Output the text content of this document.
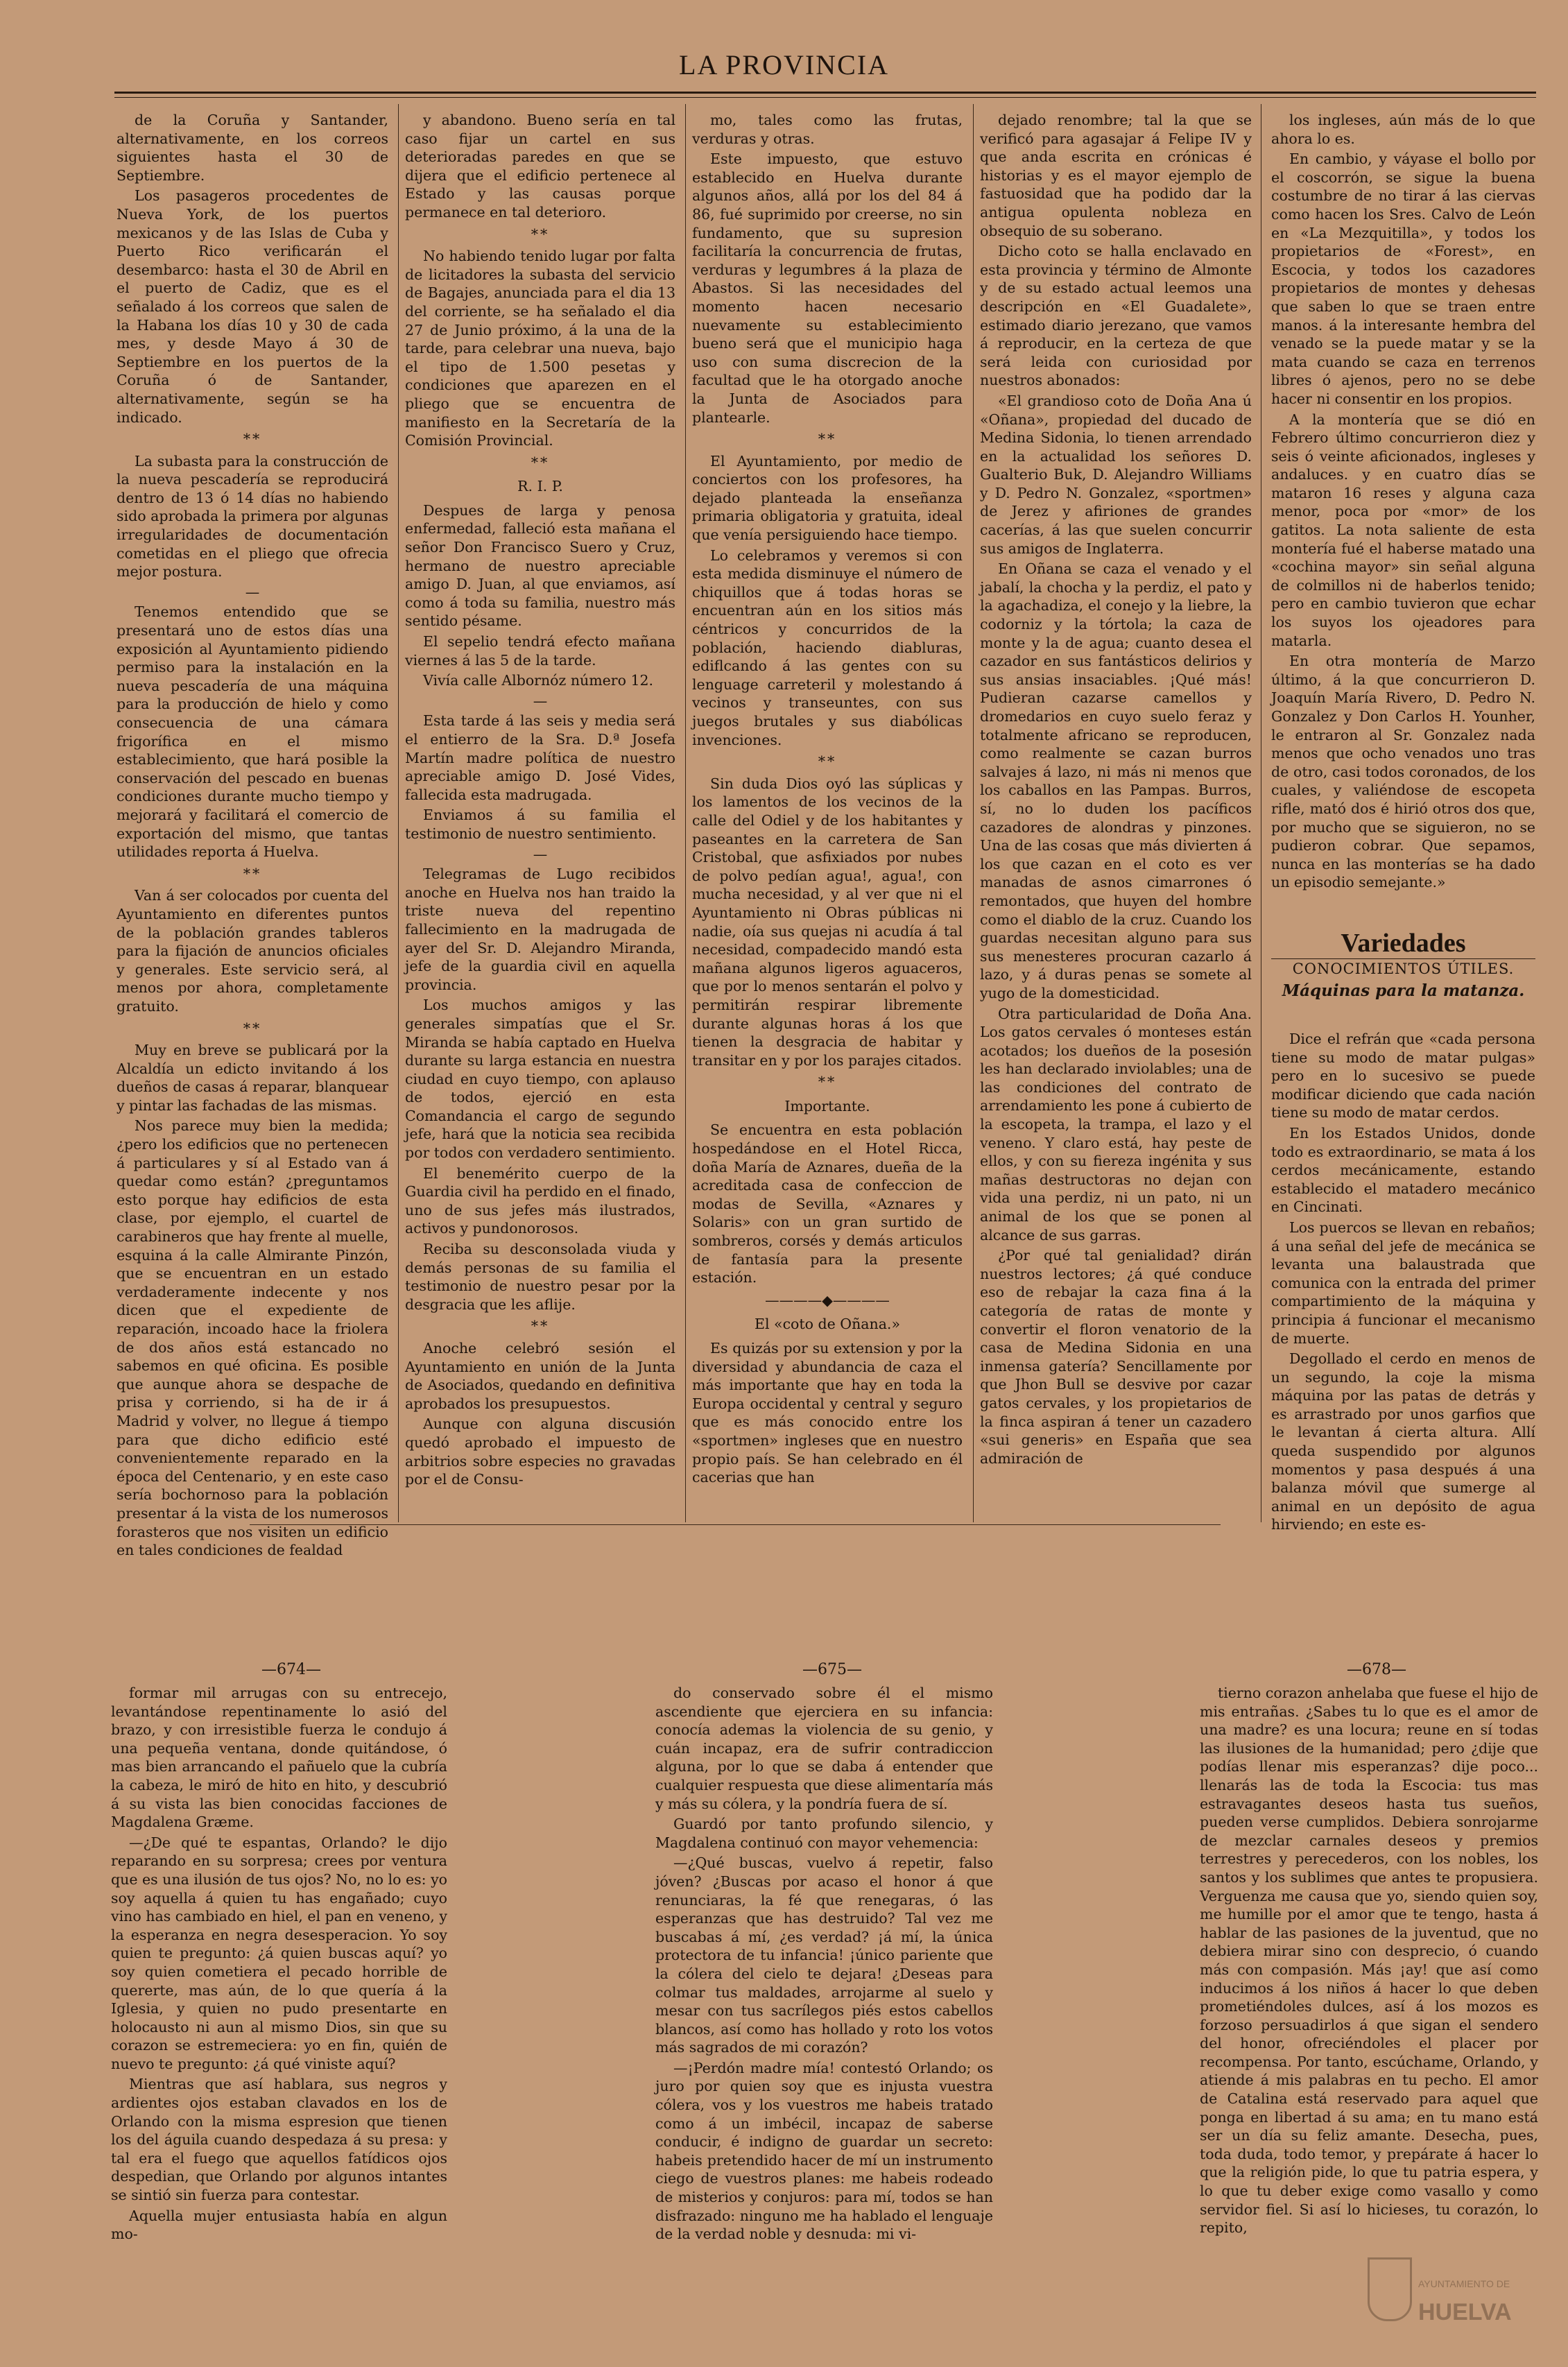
LA PROVINCIA

de la Coruña y Santander, alternativamente, en los correos siguientes hasta el 30 de Septiembre.

Los pasageros procedentes de Nueva York, de los puertos mexicanos y de las Islas de Cuba y Puerto Rico verificarán el desembarco: hasta el 30 de Abril en el puerto de Cadiz, que es el señalado á los correos que salen de la Habana los días 10 y 30 de cada mes, y desde Mayo á 30 de Septiembre en los puertos de la Coruña ó de Santander, alternativamente, según se ha indicado.

**

La subasta para la construcción de la nueva pescadería se reproducirá dentro de 13 ó 14 días no habiendo sido aprobada la primera por algunas irregularidades de documentación cometidas en el pliego que ofrecia mejor postura.

—

Tenemos entendido que se presentará uno de estos días una exposición al Ayuntamiento pidiendo permiso para la instalación en la nueva pescadería de una máquina para la producción de hielo y como consecuencia de una cámara frigorífica en el mismo establecimiento, que hará posible la conservación del pescado en buenas condiciones durante mucho tiempo y mejorará y facilitará el comercio de exportación del mismo, que tantas utilidades reporta á Huelva.

**

Van á ser colocados por cuenta del Ayuntamiento en diferentes puntos de la población grandes tableros para la fijación de anuncios oficiales y generales. Este servicio será, al menos por ahora, completamente gratuito.

**

Muy en breve se publicará por la Alcaldía un edicto invitando á los dueños de casas á reparar, blanquear y pintar las fachadas de las mismas.

Nos parece muy bien la medida; ¿pero los edificios que no pertenecen á particulares y sí al Estado van á quedar como están? ¿preguntamos esto porque hay edificios de esta clase, por ejemplo, el cuartel de carabineros que hay frente al muelle, esquina á la calle Almirante Pinzón, que se encuentran en un estado verdaderamente indecente y nos dicen que el expediente de reparación, incoado hace la friolera de dos años está estancado no sabemos en qué oficina. Es posible que aunque ahora se despache de prisa y corriendo, si ha de ir á Madrid y volver, no llegue á tiempo para que dicho edificio esté convenientemente reparado en la época del Centenario, y en este caso sería bochornoso para la población presentar á la vista de los numerosos forasteros que nos visiten un edificio en tales condiciones de fealdad

y abandono. Bueno sería en tal caso fijar un cartel en sus deterioradas paredes en que se dijera que el edificio pertenece al Estado y las causas porque permanece en tal deterioro.

**

No habiendo tenido lugar por falta de licitadores la subasta del servicio de Bagajes, anunciada para el dia 13 del corriente, se ha señalado el dia 27 de Junio próximo, á la una de la tarde, para celebrar una nueva, bajo el tipo de 1.500 pesetas y condiciones que aparezen en el pliego que se encuentra de manifiesto en la Secretaría de la Comisión Provincial.

**

R. I. P.

Despues de larga y penosa enfermedad, falleció esta mañana el señor Don Francisco Suero y Cruz, hermano de nuestro apreciable amigo D. Juan, al que enviamos, así como á toda su familia, nuestro más sentido pésame.

El sepelio tendrá efecto mañana viernes á las 5 de la tarde.

Vivía calle Albornóz número 12.

—

Esta tarde á las seis y media será el entierro de la Sra. D.ª Josefa Martín madre política de nuestro apreciable amigo D. José Vides, fallecida esta madrugada.

Enviamos á su familia el testimonio de nuestro sentimiento.

—

Telegramas de Lugo recibidos anoche en Huelva nos han traido la triste nueva del repentino fallecimiento en la madrugada de ayer del Sr. D. Alejandro Miranda, jefe de la guardia civil en aquella provincia.

Los muchos amigos y las generales simpatías que el Sr. Miranda se había captado en Huelva durante su larga estancia en nuestra ciudad en cuyo tiempo, con aplauso de todos, ejerció en esta Comandancia el cargo de segundo jefe, hará que la noticia sea recibida por todos con verdadero sentimiento.

El benemérito cuerpo de la Guardia civil ha perdido en el finado, uno de sus jefes más ilustrados, activos y pundonorosos.

Reciba su desconsolada viuda y demás personas de su familia el testimonio de nuestro pesar por la desgracia que les aflije.

**

Anoche celebró sesión el Ayuntamiento en unión de la Junta de Asociados, quedando en definitiva aprobados los presupuestos.

Aunque con alguna discusión quedó aprobado el impuesto de arbitrios sobre especies no gravadas por el de Consu-

mo, tales como las frutas, verduras y otras.

Este impuesto, que estuvo establecido en Huelva durante algunos años, allá por los del 84 á 86, fué suprimido por creerse, no sin fundamento, que su supresion facilitaría la concurrencia de frutas, verduras y legumbres á la plaza de Abastos. Si las necesidades del momento hacen necesario nuevamente su establecimiento bueno será que el municipio haga uso con suma discrecion de la facultad que le ha otorgado anoche la Junta de Asociados para plantearle.

**

El Ayuntamiento, por medio de conciertos con los profesores, ha dejado planteada la enseñanza primaria obligatoria y gratuita, ideal que venía persiguiendo hace tiempo.

Lo celebramos y veremos si con esta medida disminuye el número de chiquillos que á todas horas se encuentran aún en los sitios más céntricos y concurridos de la población, haciendo diabluras, ediflcando á las gentes con su lenguage carreteril y molestando á vecinos y transeuntes, con sus juegos brutales y sus diabólicas invenciones.

**

Sin duda Dios oyó las súplicas y los lamentos de los vecinos de la calle del Odiel y de los habitantes y paseantes en la carretera de San Cristobal, que asfixiados por nubes de polvo pedían agua!, agua!, con mucha necesidad, y al ver que ni el Ayuntamiento ni Obras públicas ni nadie, oía sus quejas ni acudía á tal necesidad, compadecido mandó esta mañana algunos ligeros aguaceros, que por lo menos sentarán el polvo y permitirán respirar libremente durante algunas horas á los que tienen la desgracia de habitar y transitar en y por los parajes citados.

**

Importante.

Se encuentra en esta población hospedándose en el Hotel Ricca, doña María de Aznares, dueña de la acreditada casa de confeccion de modas de Sevilla, «Aznares y Solaris» con un gran surtido de sombreros, corsés y demás articulos de fantasía para la presente estación.

————◆————

El «coto de Oñana.»

Es quizás por su extension y por la diversidad y abundancia de caza el más importante que hay en toda la Europa occidental y central y seguro que es más conocido entre los «sportmen» ingleses que en nuestro propio país. Se han celebrado en él cacerias que han

dejado renombre; tal la que se verificó para agasajar á Felipe IV y que anda escrita en crónicas é historias y es el mayor ejemplo de fastuosidad que ha podido dar la antigua opulenta nobleza en obsequio de su soberano.

Dicho coto se halla enclavado en esta provincia y término de Almonte y de su estado actual leemos una descripción en «El Guadalete», estimado diario jerezano, que vamos á reproducir, en la certeza de que será leida con curiosidad por nuestros abonados:

«El grandioso coto de Doña Ana ú «Oñana», propiedad del ducado de Medina Sidonia, lo tienen arrendado en la actualidad los señores D. Gualterio Buk, D. Alejandro Williams y D. Pedro N. Gonzalez, «sportmen» de Jerez y afiriones de grandes cacerías, á las que suelen concurrir sus amigos de Inglaterra.

En Oñana se caza el venado y el jabalí, la chocha y la perdiz, el pato y la agachadiza, el conejo y la liebre, la codorniz y la tórtola; la caza de monte y la de agua; cuanto desea el cazador en sus fantásticos delirios y sus ansias insaciables. ¡Qué más! Pudieran cazarse camellos y dromedarios en cuyo suelo feraz y totalmente africano se reproducen, como realmente se cazan burros salvajes á lazo, ni más ni menos que los caballos en las Pampas. Burros, sí, no lo duden los pacíficos cazadores de alondras y pinzones. Una de las cosas que más divierten á los que cazan en el coto es ver manadas de asnos cimarrones ó remontados, que huyen del hombre como el diablo de la cruz. Cuando los guardas necesitan alguno para sus sus menesteres procuran cazarlo á lazo, y á duras penas se somete al yugo de la domesticidad.

Otra particularidad de Doña Ana. Los gatos cervales ó monteses están acotados; los dueños de la posesión les han declarado inviolables; una de las condiciones del contrato de arrendamiento les pone á cubierto de la escopeta, la trampa, el lazo y el veneno. Y claro está, hay peste de ellos, y con su fiereza ingénita y sus mañas destructoras no dejan con vida una perdiz, ni un pato, ni un animal de los que se ponen al alcance de sus garras.

¿Por qué tal genialidad? dirán nuestros lectores; ¿á qué conduce eso de rebajar la caza fina á la categoría de ratas de monte y convertir el floron venatorio de la casa de Medina Sidonia en una inmensa gatería? Sencillamente por que Jhon Bull se desvive por cazar gatos cervales, y los propietarios de la finca aspiran á tener un cazadero «sui generis» en España que sea admiración de

los ingleses, aún más de lo que ahora lo es.

En cambio, y váyase el bollo por el coscorrón, se sigue la buena costumbre de no tirar á las ciervas como hacen los Sres. Calvo de León en «La Mezquitilla», y todos los propietarios de «Forest», en Escocia, y todos los cazadores propietarios de montes y dehesas que saben lo que se traen entre manos. á la interesante hembra del venado se la puede matar y se la mata cuando se caza en terrenos libres ó ajenos, pero no se debe hacer ni consentir en los propios.

A la montería que se dió en Febrero último concurrieron diez y seis ó veinte aficionados, ingleses y andaluces. y en cuatro días se mataron 16 reses y alguna caza menor, poca por «mor» de los gatitos. La nota saliente de esta montería fué el haberse matado una «cochina mayor» sin señal alguna de colmillos ni de haberlos tenido; pero en cambio tuvieron que echar los suyos los ojeadores para matarla.

En otra montería de Marzo último, á la que concurrieron D. Joaquín María Rivero, D. Pedro N. Gonzalez y Don Carlos H. Younher, le entraron al Sr. Gonzalez nada menos que ocho venados uno tras de otro, casi todos coronados, de los cuales, y valiéndose de escopeta rifle, mató dos é hirió otros dos que, por mucho que se siguieron, no se pudieron cobrar. Que sepamos, nunca en las monterías se ha dado un episodio semejante.»

Variedades
CONOCIMIENTOS ÚTILES.
Máquinas para la matanza.

Dice el refrán que «cada persona tiene su modo de matar pulgas» pero en lo sucesivo se puede modificar diciendo que cada nación tiene su modo de matar cerdos.

En los Estados Unidos, donde todo es extraordinario, se mata á los cerdos mecánicamente, estando establecido el matadero mecánico en Cincinati.

Los puercos se llevan en rebaños; á una señal del jefe de mecánica se levanta una balaustrada que comunica con la entrada del primer compartimiento de la máquina y principia á funcionar el mecanismo de muerte.

Degollado el cerdo en menos de un segundo, la coje la misma máquina por las patas de detrás y es arrastrado por unos garfios que le levantan á cierta altura. Allí queda suspendido por algunos momentos y pasa después á una balanza móvil que sumerge al animal en un depósito de agua hirviendo; en este es-

—674—	—675—	—678—

formar mil arrugas con su entrecejo, levantándose repentinamente lo asió del brazo, y con irresistible fuerza le condujo á una pequeña ventana, donde quitándose, ó mas bien arrancando el pañuelo que la cubría la cabeza, le miró de hito en hito, y descubrió á su vista las bien conocidas facciones de Magdalena Græme.

—¿De qué te espantas, Orlando? le dijo reparando en su sorpresa; crees por ventura que es una ilusión de tus ojos? No, no lo es: yo soy aquella á quien tu has engañado; cuyo vino has cambiado en hiel, el pan en veneno, y la esperanza en negra desesperacion. Yo soy quien te pregunto: ¿á quien buscas aquí? yo soy quien cometiera el pecado horrible de quererte, mas aún, de lo que quería á la Iglesia, y quien no pudo presentarte en holocausto ni aun al mismo Dios, sin que su corazon se estremeciera: yo en fin, quién de nuevo te pregunto: ¿á qué viniste aquí?

Mientras que así hablara, sus negros y ardientes ojos estaban clavados en los de Orlando con la misma espresion que tienen los del águila cuando despedaza á su presa: y tal era el fuego que aquellos fatídicos ojos despedian, que Orlando por algunos intantes se sintió sin fuerza para contestar.

Aquella mujer entusiasta había en algun mo-

do conservado sobre él el mismo ascendiente que ejerciera en su infancia: conocía ademas la violencia de su genio, y cuán incapaz, era de sufrir contradiccion alguna, por lo que se daba á entender que cualquier respuesta que diese alimentaría más y más su cólera, y la pondría fuera de sí.

Guardó por tanto profundo silencio, y Magdalena continuó con mayor vehemencia:

—¿Qué buscas, vuelvo á repetir, falso jóven? ¿Buscas por acaso el honor á que renunciaras, la fé que renegaras, ó las esperanzas que has destruido? Tal vez me buscabas á mí, ¿es verdad? ¡á mí, la única protectora de tu infancia! ¡único pariente que la cólera del cielo te dejara! ¿Deseas para colmar tus maldades, arrojarme al suelo y mesar con tus sacrílegos piés estos cabellos blancos, así como has hollado y roto los votos más sagrados de mi corazón?

—¡Perdón madre mía! contestó Orlando; os juro por quien soy que es injusta vuestra cólera, vos y los vuestros me habeis tratado como á un imbécil, incapaz de saberse conducir, é indigno de guardar un secreto: habeis pretendido hacer de mí un instrumento ciego de vuestros planes: me habeis rodeado de misterios y conjuros: para mí, todos se han disfrazado: ninguno me ha hablado el lenguaje de la verdad noble y desnuda: mi vi-

tierno corazon anhelaba que fuese el hijo de mis entrañas. ¿Sabes tu lo que es el amor de una madre? es una locura; reune en sí todas las ilusiones de la humanidad; pero ¿dije que podías llenar mis esperanzas? dije poco... llenarás las de toda la Escocia: tus mas estravagantes deseos hasta tus sueños, pueden verse cumplidos. Debiera sonrojarme de mezclar carnales deseos y premios terrestres y perecederos, con los nobles, los santos y los sublimes que antes te propusiera. Verguenza me causa que yo, siendo quien soy, me humille por el amor que te tengo, hasta á hablar de las pasiones de la juventud, que no debiera mirar sino con desprecio, ó cuando más con compasión. Más ¡ay! que así como inducimos á los niños á hacer lo que deben prometiéndoles dulces, así á los mozos es forzoso persuadirlos á que sigan el sendero del honor, ofreciéndoles el placer por recompensa. Por tanto, escúchame, Orlando, y atiende á mis palabras en tu pecho. El amor de Catalina está reservado para aquel que ponga en libertad á su ama; en tu mano está ser un día su feliz amante. Desecha, pues, toda duda, todo temor, y prepárate á hacer lo que la religión pide, lo que tu patria espera, y lo que tu deber exige como vasallo y como servidor fiel. Si así lo hicieses, tu corazón, lo repito,

AYUNTAMIENTO DE
HUELVA
